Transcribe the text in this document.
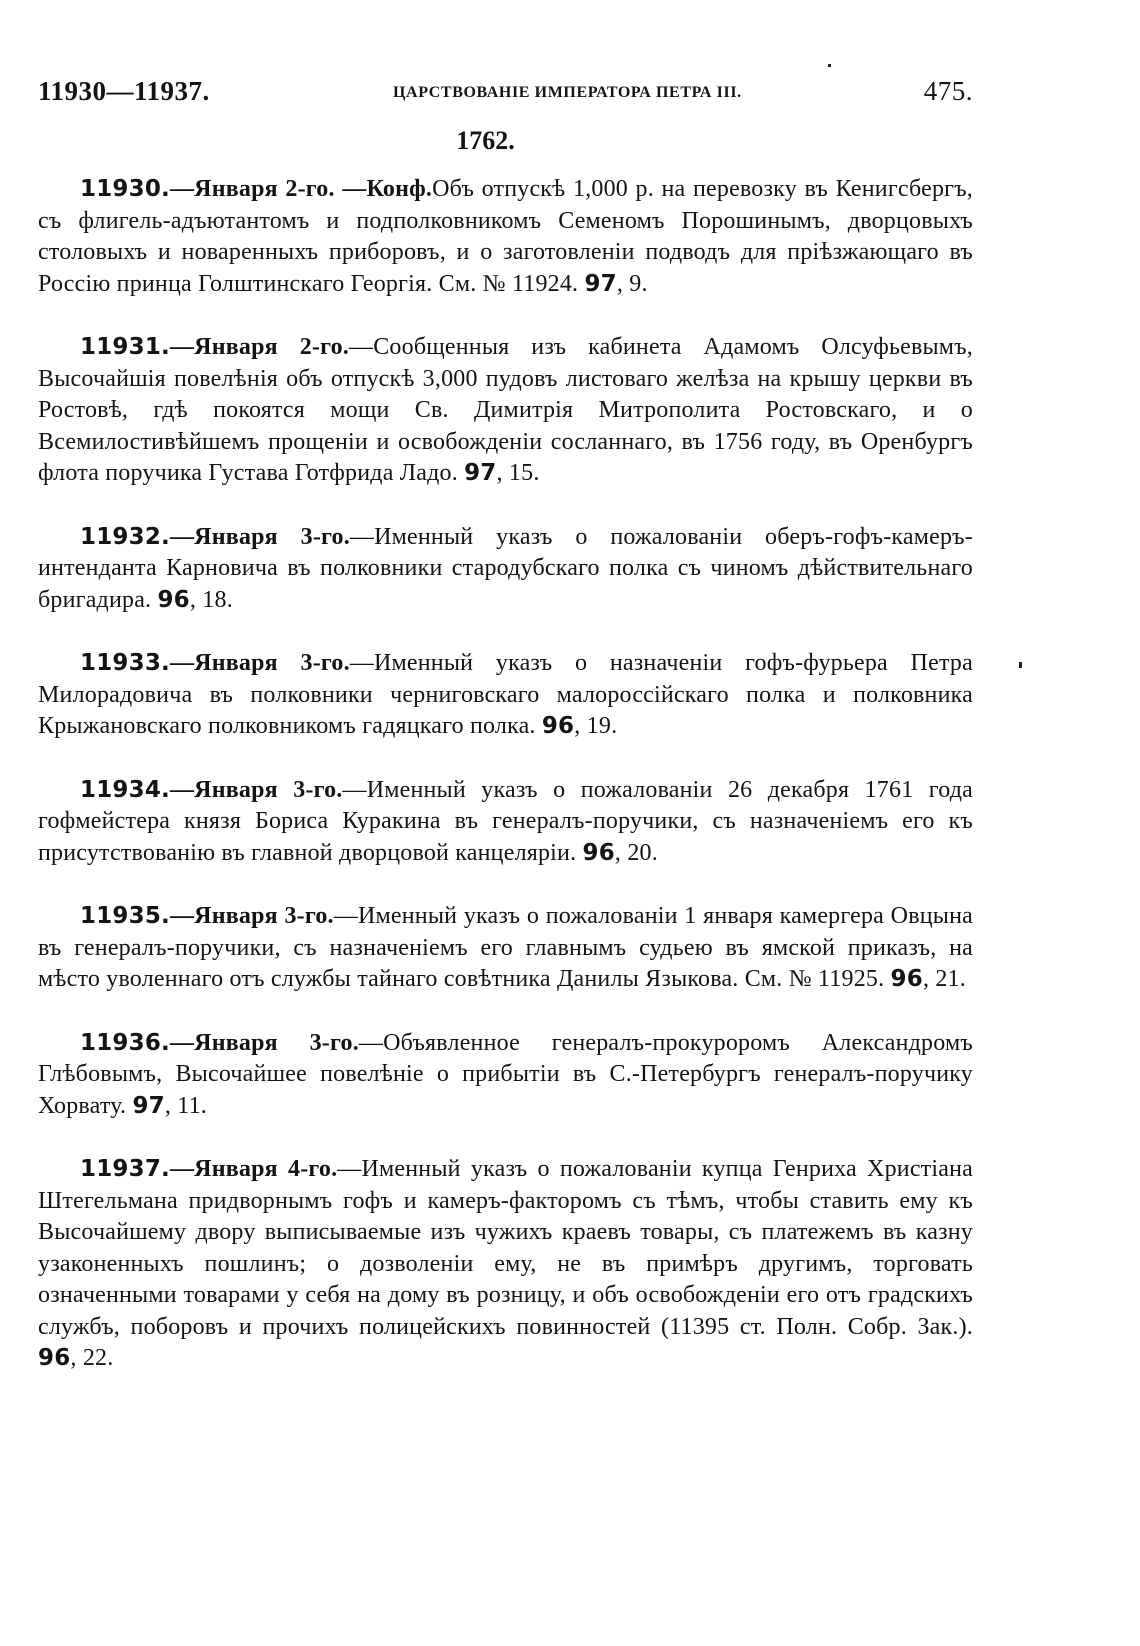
11930—11937.	ЦАРСТВОВАНІЕ ИМПЕРАТОРА ПЕТРА III.	475.
1762.

11930.—Января 2-го. —Конф.Объ отпускѣ 1,000 р. на перевозку въ Кенигсбергъ, съ флигель-адъютантомъ и подполковникомъ Семеномъ Порошинымъ, дворцовыхъ столовыхъ и новаренныхъ приборовъ, и о заготовленіи подводъ для пріѣзжающаго въ Россію принца Голштинскаго Георгія. См. № 11924. 97, 9.

11931.—Января 2-го.—Сообщенныя изъ кабинета Адамомъ Олсуфьевымъ, Высочайшія повелѣнія объ отпускѣ 3,000 пудовъ листоваго желѣза на крышу церкви въ Ростовѣ, гдѣ покоятся мощи Св. Димитрія Митрополита Ростовскаго, и о Всемилостивѣйшемъ прощеніи и освобожденіи сосланнаго, въ 1756 году, въ Оренбургъ флота поручика Густава Готфрида Ладо. 97, 15.

11932.—Января 3-го.—Именный указъ о пожалованіи оберъ-гофъ-камеръ-интенданта Карновича въ полковники стародубскаго полка съ чиномъ дѣйствительнаго бригадира. 96, 18.

11933.—Января 3-го.—Именный указъ о назначеніи гофъ-фурьера Петра Милорадовича въ полковники черниговскаго малороссійскаго полка и полковника Крыжановскаго полковникомъ гадяцкаго полка. 96, 19.

11934.—Января 3-го.—Именный указъ о пожалованіи 26 декабря 1761 года гофмейстера князя Бориса Куракина въ генералъ-поручики, съ назначеніемъ его къ присутствованію въ главной дворцовой канцеляріи. 96, 20.

11935.—Января 3-го.—Именный указъ о пожалованіи 1 января камергера Овцына въ генералъ-поручики, съ назначеніемъ его главнымъ судьею въ ямской приказъ, на мѣсто уволеннаго отъ службы тайнаго совѣтника Данилы Языкова. См. № 11925. 96, 21.

11936.—Января 3-го.—Объявленное генералъ-прокуроромъ Александромъ Глѣбовымъ, Высочайшее повелѣніе о прибытіи въ С.-Петербургъ генералъ-поручику Хорвату. 97, 11.

11937.—Января 4-го.—Именный указъ о пожалованіи купца Генриха Христіана Штегельмана придворнымъ гофъ и камеръ-факторомъ съ тѣмъ, чтобы ставить ему къ Высочайшему двору выписываемые изъ чужихъ краевъ товары, съ платежемъ въ казну узаконенныхъ пошлинъ; о дозволеніи ему, не въ примѣръ другимъ, торговать означенными товарами у себя на дому въ розницу, и объ освобожденіи его отъ градскихъ службъ, поборовъ и прочихъ полицейскихъ повинностей (11395 ст. Полн. Собр. Зак.). 96, 22.
